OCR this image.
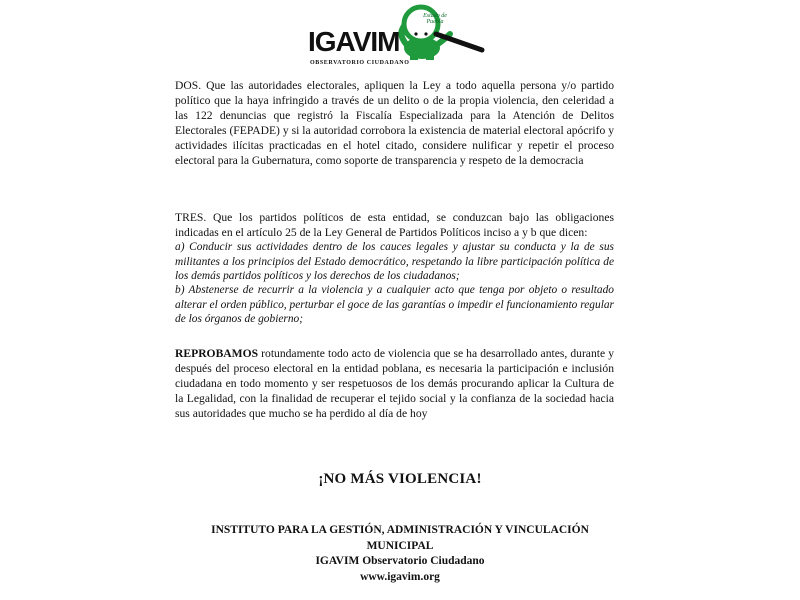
Estado de
Puebla
IGAVIM
OBSERVATORIO CIUDADANO

DOS. Que las autoridades electorales, apliquen la Ley a todo aquella persona y/o partido político que la haya infringido a través de un delito o de la propia violencia, den celeridad a las 122 denuncias que registró la Fiscalía Especializada para la Atención de Delitos Electorales (FEPADE) y si la autoridad corrobora la existencia de material electoral apócrifo y actividades ilícitas practicadas en el hotel citado, considere nulificar y repetir el proceso electoral para la Gubernatura, como soporte de transparencia y respeto de la democracia

TRES. Que los partidos políticos de esta entidad, se conduzcan bajo las obligaciones indicadas en el artículo 25 de la Ley General de Partidos Políticos inciso a y b que dicen:

a) Conducir sus actividades dentro de los cauces legales y ajustar su conducta y la de sus militantes a los principios del Estado democrático, respetando la libre participación política de los demás partidos políticos y los derechos de los ciudadanos;

b) Abstenerse de recurrir a la violencia y a cualquier acto que tenga por objeto o resultado alterar el orden público, perturbar el goce de las garantías o impedir el funcionamiento regular de los órganos de gobierno;

REPROBAMOS rotundamente todo acto de violencia que se ha desarrollado antes, durante y después del proceso electoral en la entidad poblana, es necesaria la participación e inclusión ciudadana en todo momento y ser respetuosos de los demás procurando aplicar la Cultura de la Legalidad, con la finalidad de recuperar el tejido social y la confianza de la sociedad hacia sus autoridades que mucho se ha perdido al día de hoy

¡NO MÁS VIOLENCIA!
INSTITUTO PARA LA GESTIÓN, ADMINISTRACIÓN Y VINCULACIÓN
MUNICIPAL
IGAVIM Observatorio Ciudadano
www.igavim.org
